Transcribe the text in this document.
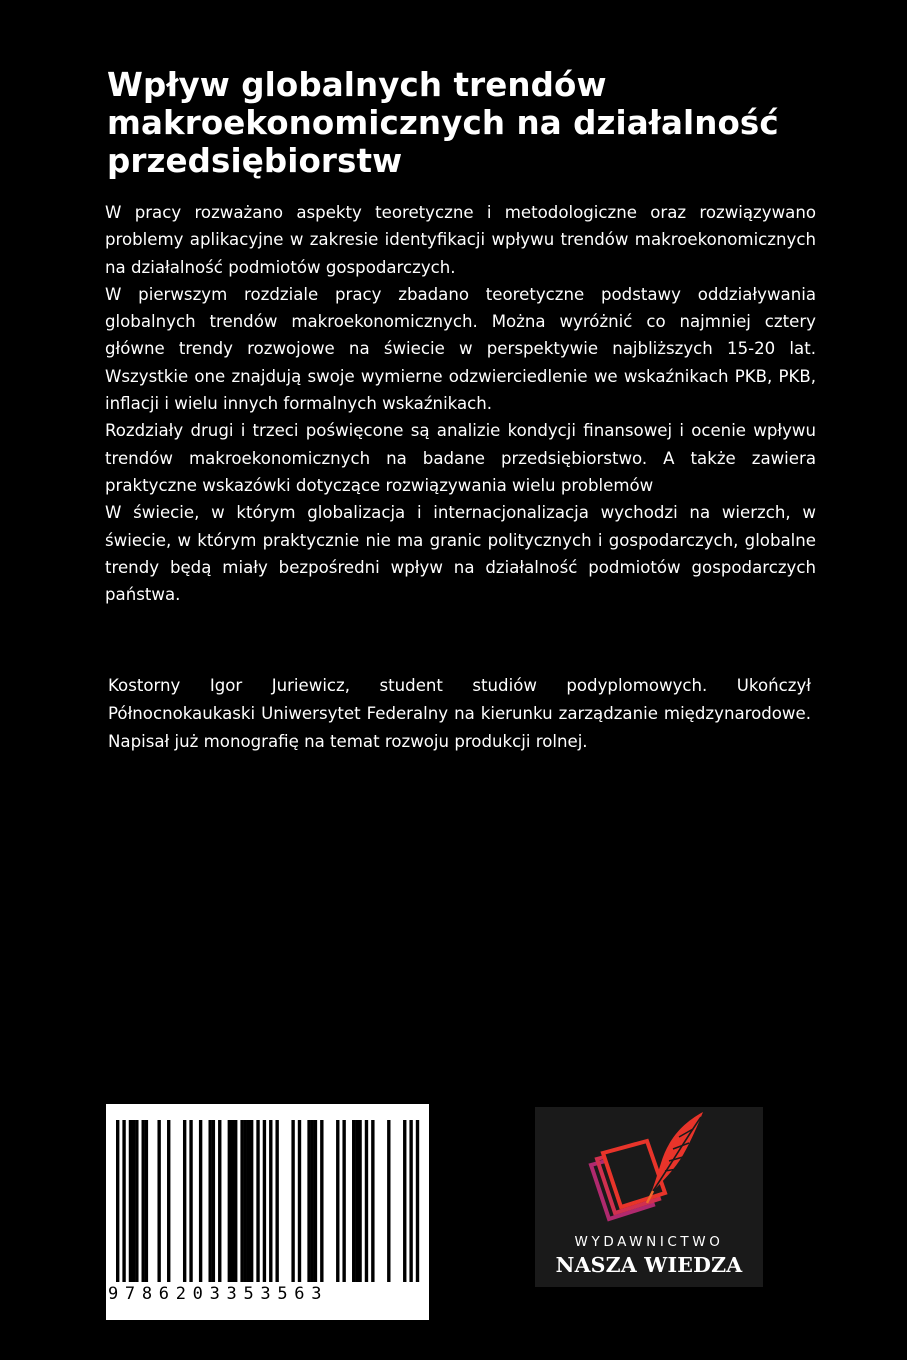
Wpływ globalnych trendów makroekonomicznych na działalność przedsiębiorstw

W pracy rozważano aspekty teoretyczne i metodologiczne oraz rozwiązywano problemy aplikacyjne w zakresie identyfikacji wpływu trendów makroekonomicznych na działalność podmiotów gospodarczych.

W pierwszym rozdziale pracy zbadano teoretyczne podstawy oddziaływania globalnych trendów makroekonomicznych. Można wyróżnić co najmniej cztery główne trendy rozwojowe na świecie w perspektywie najbliższych 15-20 lat. Wszystkie one znajdują swoje wymierne odzwierciedlenie we wskaźnikach PKB, PKB, inflacji i wielu innych formalnych wskaźnikach.

Rozdziały drugi i trzeci poświęcone są analizie kondycji finansowej i ocenie wpływu trendów makroekonomicznych na badane przedsiębiorstwo. A także zawiera praktyczne wskazówki dotyczące rozwiązywania wielu problemów

W świecie, w którym globalizacja i internacjonalizacja wychodzi na wierzch, w świecie, w którym praktycznie nie ma granic politycznych i gospodarczych, globalne trendy będą miały bezpośredni wpływ na działalność podmiotów gospodarczych państwa.

Kostorny Igor Juriewicz, student studiów podyplomowych. Ukończył Północnokaukaski Uniwersytet Federalny na kierunku zarządzanie międzynarodowe. Napisał już monografię na temat rozwoju produkcji rolnej.

9786203353563
WYDAWNICTWO
NASZA WIEDZA
